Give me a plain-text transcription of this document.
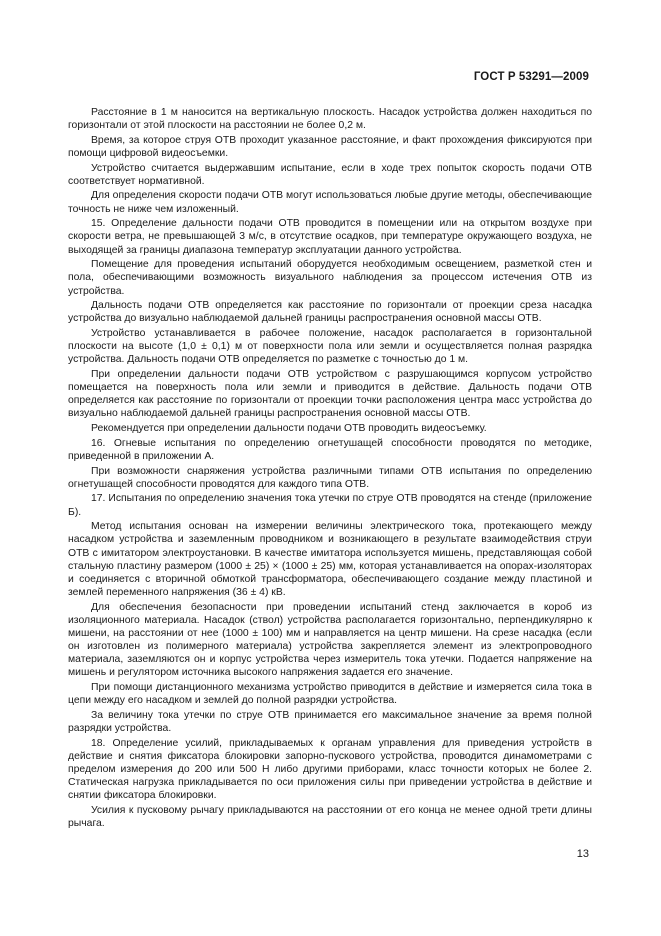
ГОСТ Р 53291—2009

Расстояние в 1 м наносится на вертикальную плоскость. Насадок устройства должен находиться по горизонтали от этой плоскости на расстоянии не более 0,2 м.

Время, за которое струя ОТВ проходит указанное расстояние, и факт прохождения фиксируются при помощи цифровой видеосъемки.

Устройство считается выдержавшим испытание, если в ходе трех попыток скорость подачи ОТВ соответствует нормативной.

Для определения скорости подачи ОТВ могут использоваться любые другие методы, обеспечивающие точность не ниже чем изложенный.

15. Определение дальности подачи ОТВ проводится в помещении или на открытом воздухе при скорости ветра, не превышающей 3 м/с, в отсутствие осадков, при температуре окружающего воздуха, не выходящей за границы диапазона температур эксплуатации данного устройства.

Помещение для проведения испытаний оборудуется необходимым освещением, разметкой стен и пола, обеспечивающими возможность визуального наблюдения за процессом истечения ОТВ из устройства.

Дальность подачи ОТВ определяется как расстояние по горизонтали от проекции среза насадка устройства до визуально наблюдаемой дальней границы распространения основной массы ОТВ.

Устройство устанавливается в рабочее положение, насадок располагается в горизонтальной плоскости на высоте (1,0 ± 0,1) м от поверхности пола или земли и осуществляется полная разрядка устройства. Дальность подачи ОТВ определяется по разметке с точностью до 1 м.

При определении дальности подачи ОТВ устройством с разрушающимся корпусом устройство помещается на поверхность пола или земли и приводится в действие. Дальность подачи ОТВ определяется как расстояние по горизонтали от проекции точки расположения центра масс устройства до визуально наблюдаемой дальней границы распространения основной массы ОТВ.

Рекомендуется при определении дальности подачи ОТВ проводить видеосъемку.

16. Огневые испытания по определению огнетушащей способности проводятся по методике, приведенной в приложении А.

При возможности снаряжения устройства различными типами ОТВ испытания по определению огнетушащей способности проводятся для каждого типа ОТВ.

17. Испытания по определению значения тока утечки по струе ОТВ проводятся на стенде (приложение Б).

Метод испытания основан на измерении величины электрического тока, протекающего между насадком устройства и заземленным проводником и возникающего в результате взаимодействия струи ОТВ с имитатором электроустановки. В качестве имитатора используется мишень, представляющая собой стальную пластину размером (1000 ± 25) × (1000 ± 25) мм, которая устанавливается на опорах-изоляторах и соединяется с вторичной обмоткой трансформатора, обеспечивающего создание между пластиной и землей переменного напряжения (36 ± 4) кВ.

Для обеспечения безопасности при проведении испытаний стенд заключается в короб из изоляционного материала. Насадок (ствол) устройства располагается горизонтально, перпендикулярно к мишени, на расстоянии от нее (1000 ± 100) мм и направляется на центр мишени. На срезе насадка (если он изготовлен из полимерного материала) устройства закрепляется элемент из электропроводного материала, заземляются он и корпус устройства через измеритель тока утечки. Подается напряжение на мишень и регулятором источника высокого напряжения задается его значение.

При помощи дистанционного механизма устройство приводится в действие и измеряется сила тока в цепи между его насадком и землей до полной разрядки устройства.

За величину тока утечки по струе ОТВ принимается его максимальное значение за время полной разрядки устройства.

18. Определение усилий, прикладываемых к органам управления для приведения устройств в действие и снятия фиксатора блокировки запорно-пускового устройства, проводится динамометрами с пределом измерения до 200 или 500 Н либо другими приборами, класс точности которых не более 2. Статическая нагрузка прикладывается по оси приложения силы при приведении устройства в действие и снятии фиксатора блокировки.

Усилия к пусковому рычагу прикладываются на расстоянии от его конца не менее одной трети длины рычага.

13
